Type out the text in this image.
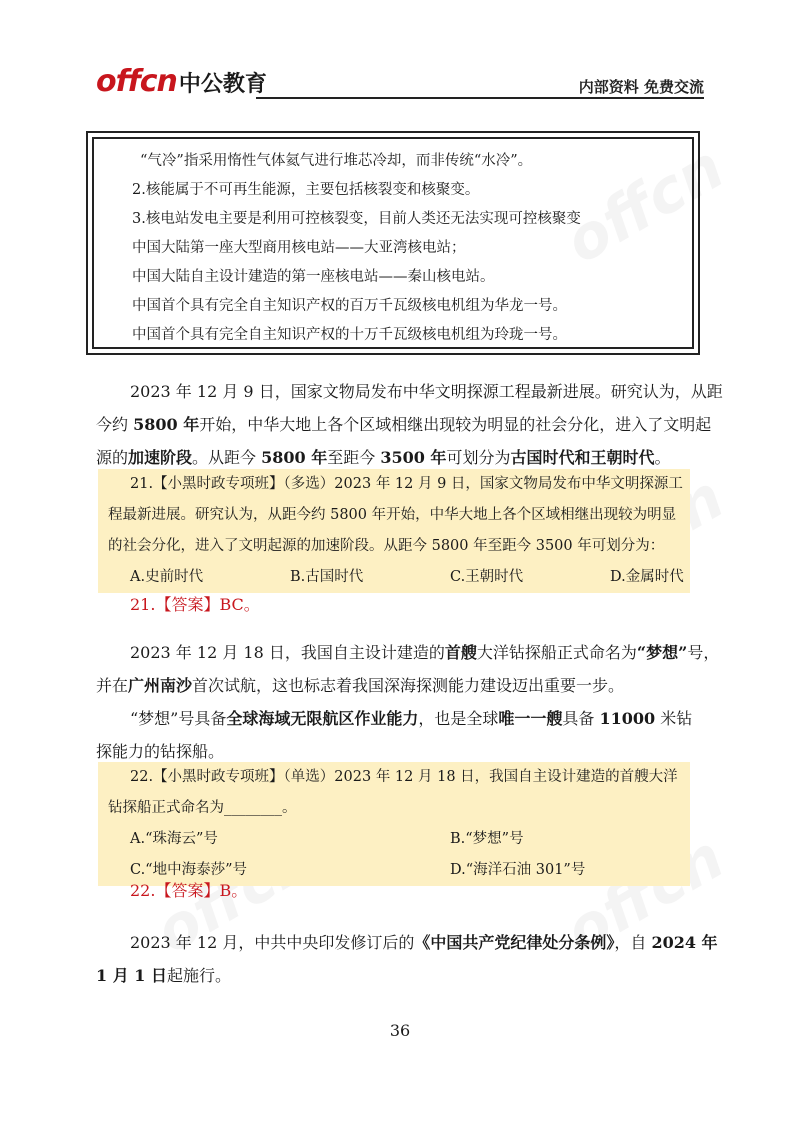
offcn 中公教育	内部资料 免费交流
“气冷”指采用惰性气体氦气进行堆芯冷却，而非传统“水冷”。
2.核能属于不可再生能源，主要包括核裂变和核聚变。
3.核电站发电主要是利用可控核裂变，目前人类还无法实现可控核聚变
中国大陆第一座大型商用核电站——大亚湾核电站；
中国大陆自主设计建造的第一座核电站——秦山核电站。
中国首个具有完全自主知识产权的百万千瓦级核电机组为华龙一号。
中国首个具有完全自主知识产权的十万千瓦级核电机组为玲珑一号。
2023 年 12 月 9 日，国家文物局发布中华文明探源工程最新进展。研究认为，从距
今约 5800 年开始，中华大地上各个区域相继出现较为明显的社会分化，进入了文明起
源的加速阶段。从距今 5800 年至距今 3500 年可划分为古国时代和王朝时代。
21.【小黑时政专项班】（多选）2023 年 12 月 9 日，国家文物局发布中华文明探源工
程最新进展。研究认为，从距今约 5800 年开始，中华大地上各个区域相继出现较为明显
的社会分化，进入了文明起源的加速阶段。从距今 5800 年至距今 3500 年可划分为：
A.史前时代	B.古国时代	C.王朝时代	D.金属时代
21.【答案】BC。
2023 年 12 月 18 日，我国自主设计建造的首艘大洋钻探船正式命名为“梦想”号，
并在广州南沙首次试航，这也标志着我国深海探测能力建设迈出重要一步。
“梦想”号具备全球海域无限航区作业能力，也是全球唯一一艘具备 11000 米钻
探能力的钻探船。
22.【小黑时政专项班】（单选）2023 年 12 月 18 日，我国自主设计建造的首艘大洋
钻探船正式命名为________。
A.“珠海云”号	B.“梦想”号
C.“地中海泰莎”号	D.“海洋石油 301”号
22.【答案】B。
2023 年 12 月，中共中央印发修订后的《中国共产党纪律处分条例》，自 2024 年
1 月 1 日起施行。
36
